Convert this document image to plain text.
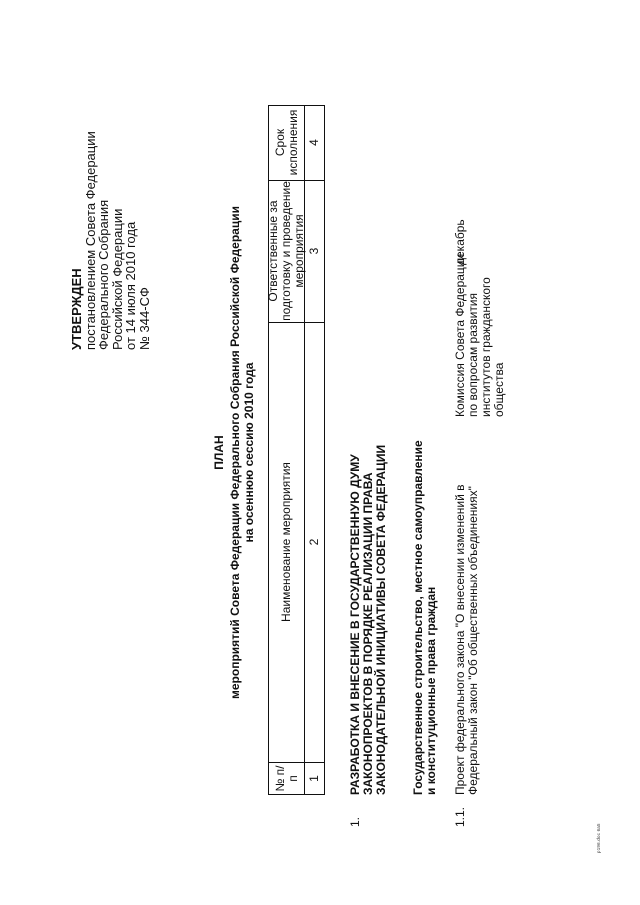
УТВЕРЖДЕН
постановлением Совета Федерации
Федерального Собрания
Российской Федерации
от 14 июля 2010 года
№ 344-СФ
ПЛАН мероприятий Совета Федерации Федерального Собрания Российской Федерации на осеннюю сессию 2010 года
№ п/п 1
Наименование мероприятия	2
Ответственные за подготовку и проведение мероприятия 3
Срок исполнения 4
1.
РАЗРАБОТКА И ВНЕСЕНИЕ В ГОСУДАРСТВЕННУЮ ДУМУ ЗАКОНОПРОЕКТОВ В ПОРЯДКЕ РЕАЛИЗАЦИИ ПРАВА ЗАКОНОДАТЕЛЬНОЙ ИНИЦИАТИВЫ СОВЕТА ФЕДЕРАЦИИ Государственное строительство, местное самоуправление и конституционные права граждан
1.1.
Проект федерального закона "О внесении изменений в Федеральный закон "Об общественных объединениях"
Комиссия Совета Федерации по вопросам развития институтов гражданского общества
декабрь
p196.doc 6a5
